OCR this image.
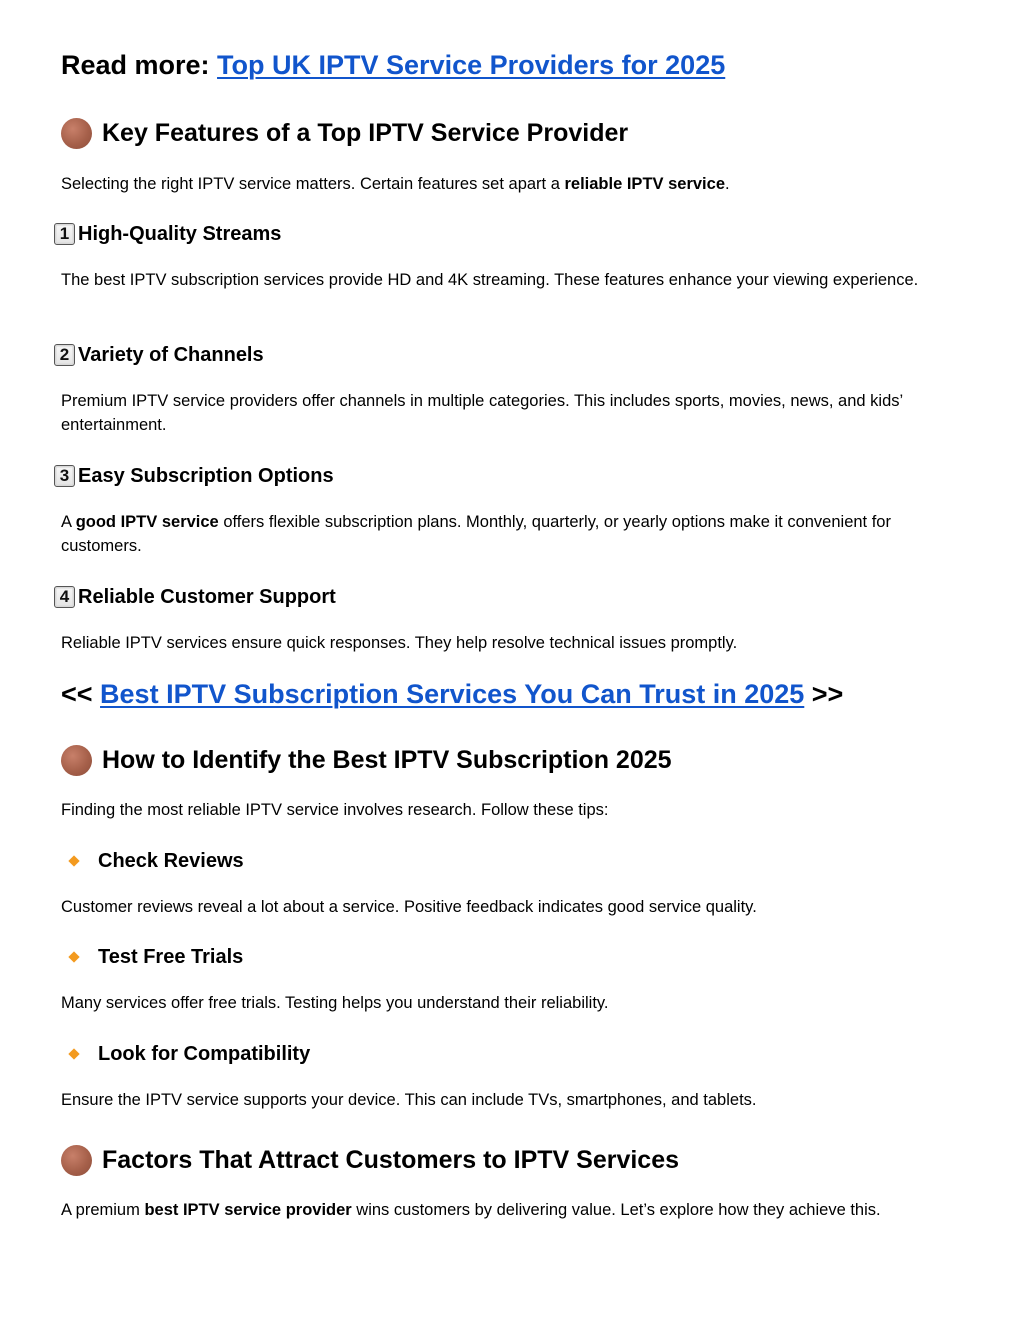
Read more: Top UK IPTV Service Providers for 2025
Key Features of a Top IPTV Service Provider
Selecting the right IPTV service matters. Certain features set apart a reliable IPTV service.
1 High-Quality Streams
The best IPTV subscription services provide HD and 4K streaming. These features enhance your viewing experience.
2 Variety of Channels
Premium IPTV service providers offer channels in multiple categories. This includes sports, movies, news, and kids’ entertainment.
3 Easy Subscription Options
A good IPTV service offers flexible subscription plans. Monthly, quarterly, or yearly options make it convenient for customers.
4 Reliable Customer Support
Reliable IPTV services ensure quick responses. They help resolve technical issues promptly.
<< Best IPTV Subscription Services You Can Trust in 2025 >>
How to Identify the Best IPTV Subscription 2025
Finding the most reliable IPTV service involves research. Follow these tips:
Check Reviews
Customer reviews reveal a lot about a service. Positive feedback indicates good service quality.
Test Free Trials
Many services offer free trials. Testing helps you understand their reliability.
Look for Compatibility
Ensure the IPTV service supports your device. This can include TVs, smartphones, and tablets.
Factors That Attract Customers to IPTV Services
A premium best IPTV service provider wins customers by delivering value. Let’s explore how they achieve this.
